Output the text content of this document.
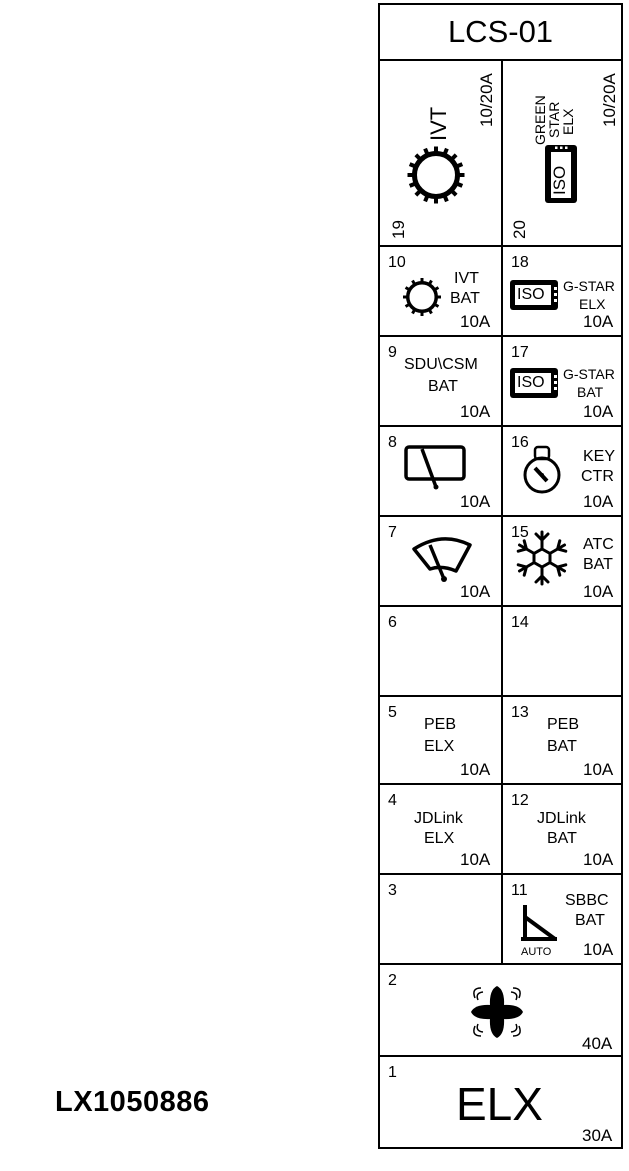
LX1050886
LCS-01
19
IVT 10/20A
20
GREEN
STAR
ELX 10/20A
ISO
10
IVT
BAT
10A
18
ISO G-STAR
ELX
10A
9
SDU\CSM
BAT
10A
17
ISO G-STAR
BAT
10A
8
10A
16
KEY
CTR
10A
7
10A
15
ATC
BAT
10A
6	14
5
PEB
ELX
10A
13
PEB
BAT
10A
4
JDLink
ELX
10A
12
JDLink
BAT
10A
3	11
AUTO
SBBC
BAT
10A
2
40A
1
ELX
30A
